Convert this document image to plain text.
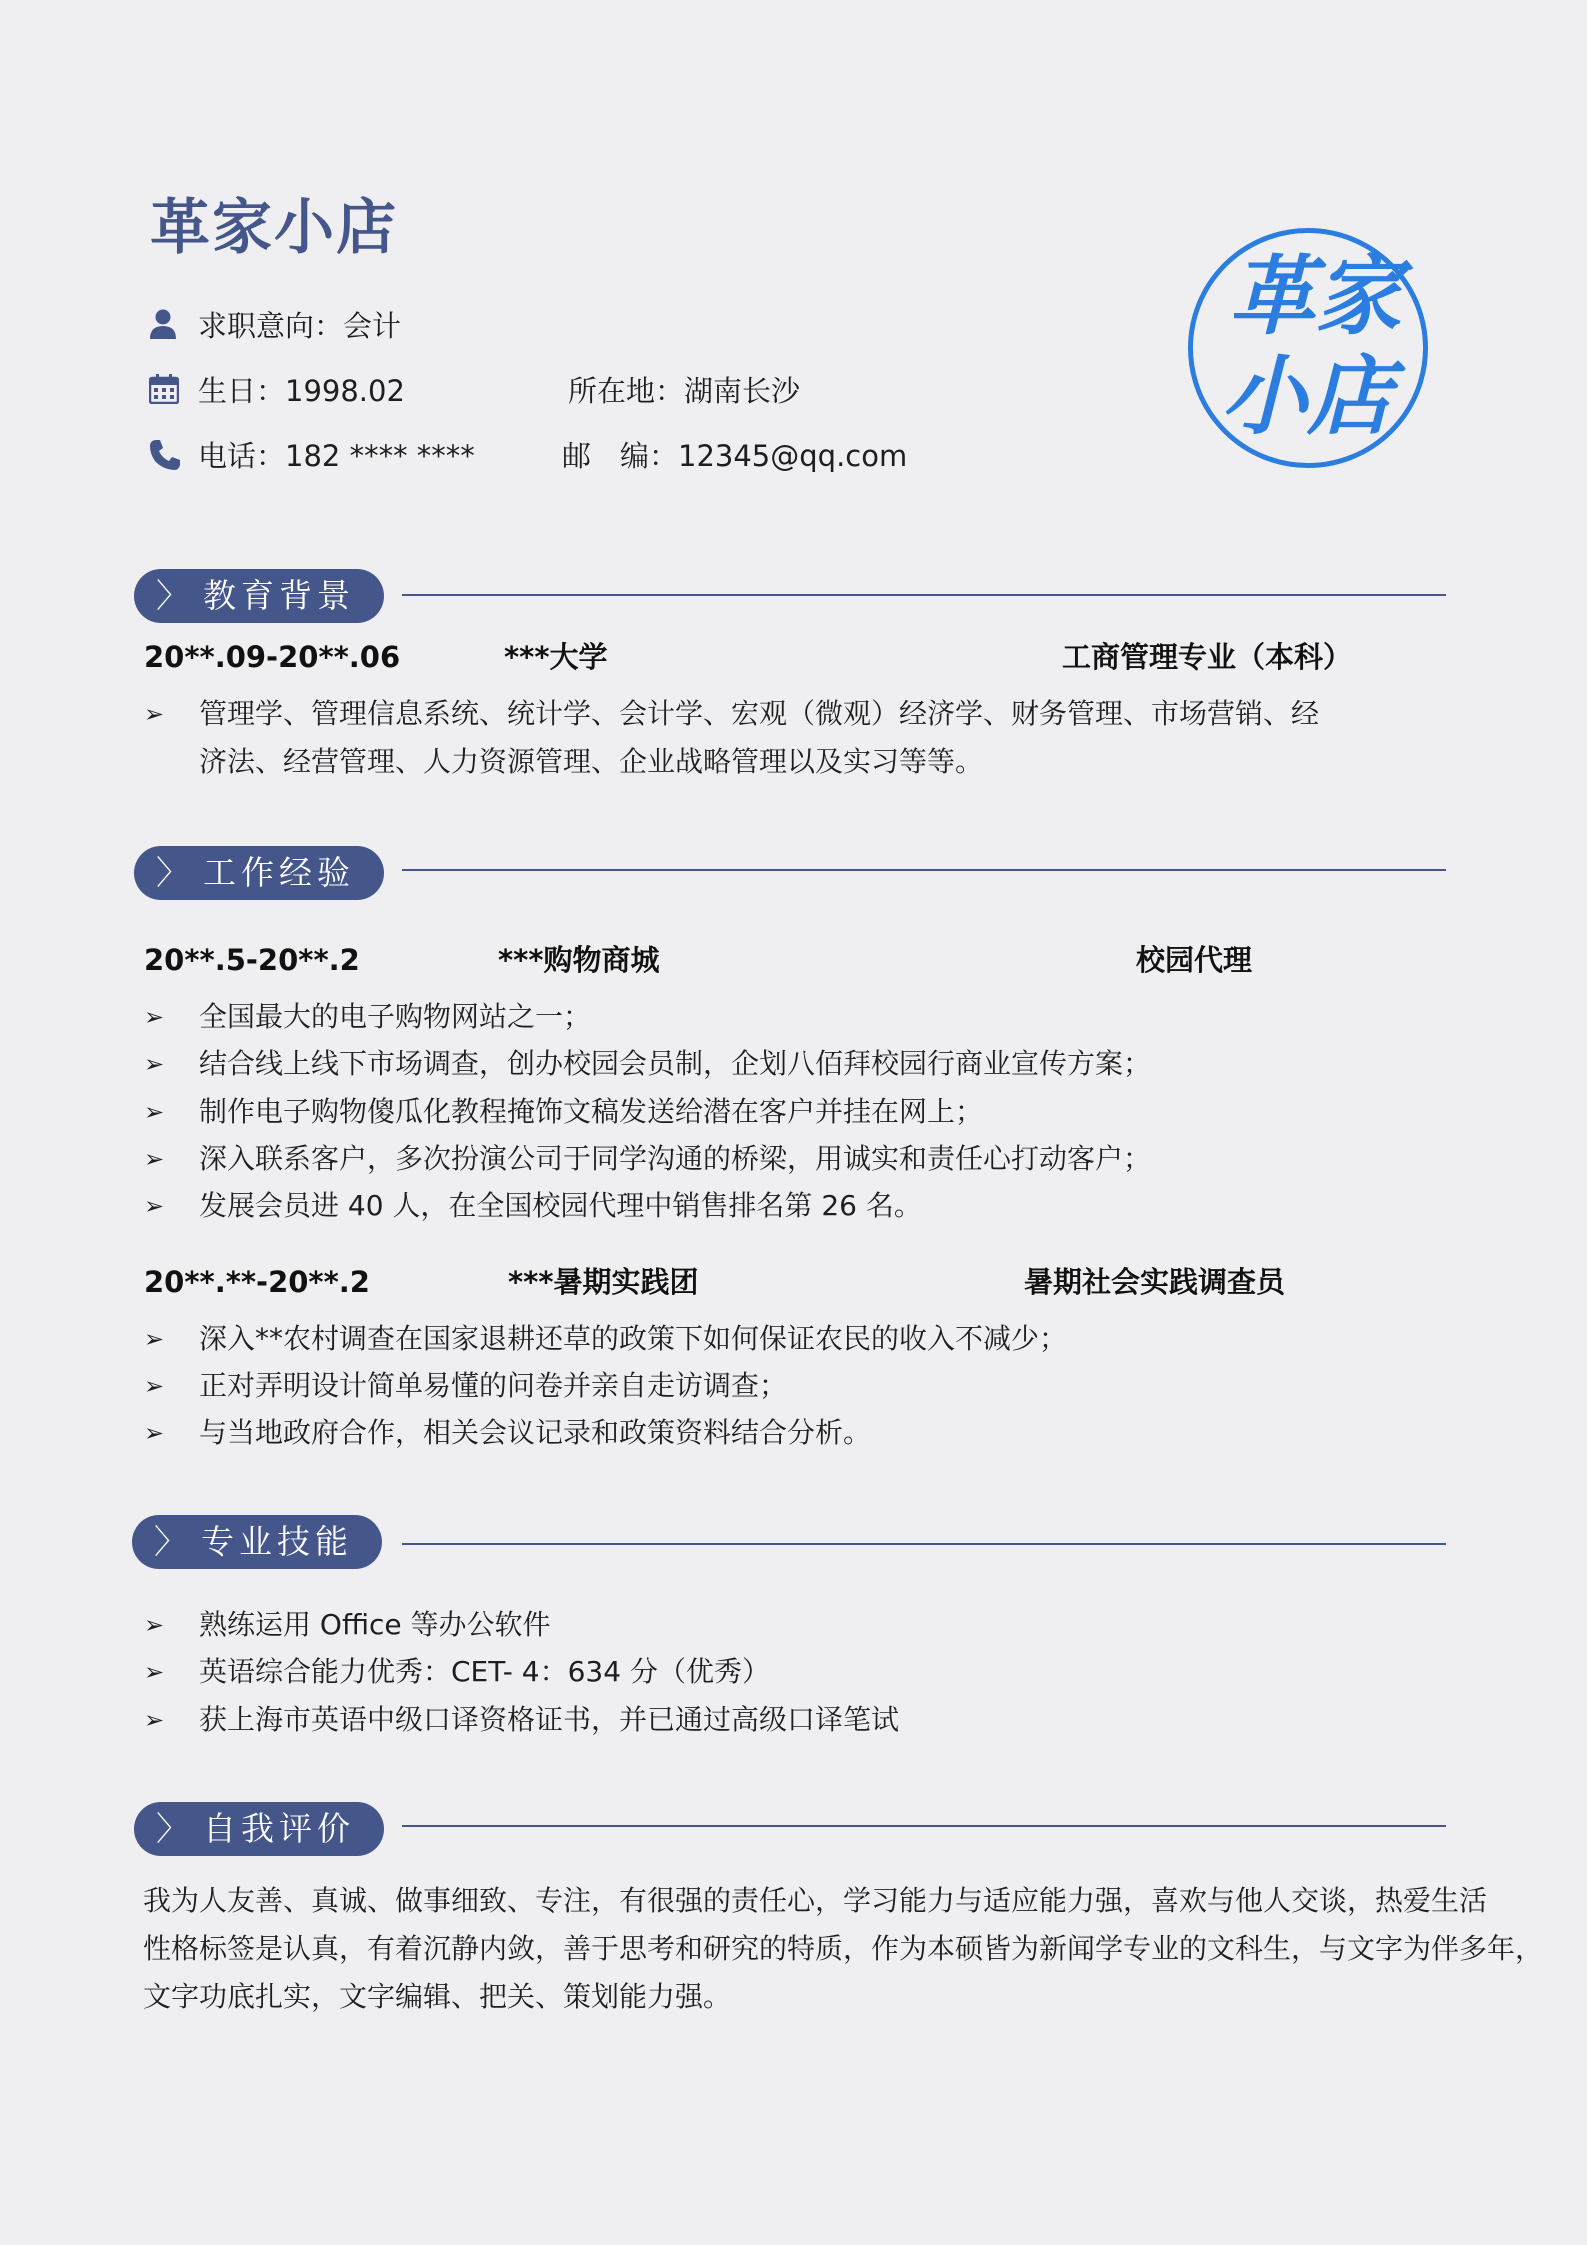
革家小店
求职意向：会计
生日：1998.02	所在地：湖南长沙
电话：182 **** ****	邮　编：12345@qq.com
革家
小店
〉 教育背景
20**.09-20**.06	***大学	工商管理专业（本科）
➢ 管理学、管理信息系统、统计学、会计学、宏观（微观）经济学、财务管理、市场营销、经
济法、经营管理、人力资源管理、企业战略管理以及实习等等。
〉 工作经验
20**.5-20**.2	***购物商城	校园代理
➢ 全国最大的电子购物网站之一；
➢ 结合线上线下市场调查，创办校园会员制，企划八佰拜校园行商业宣传方案；
➢ 制作电子购物傻瓜化教程掩饰文稿发送给潜在客户并挂在网上；
➢ 深入联系客户，多次扮演公司于同学沟通的桥梁，用诚实和责任心打动客户；
➢ 发展会员进 40 人，在全国校园代理中销售排名第 26 名。
20**.**-20**.2	***暑期实践团	暑期社会实践调查员
➢ 深入**农村调查在国家退耕还草的政策下如何保证农民的收入不减少；
➢ 正对弄明设计简单易懂的问卷并亲自走访调查；
➢ 与当地政府合作，相关会议记录和政策资料结合分析。
〉 专业技能
➢ 熟练运用 Office 等办公软件
➢ 英语综合能力优秀：CET- 4：634 分（优秀）
➢ 获上海市英语中级口译资格证书，并已通过高级口译笔试
〉 自我评价
我为人友善、真诚、做事细致、专注，有很强的责任心，学习能力与适应能力强，喜欢与他人交谈，热爱生活
性格标签是认真，有着沉静内敛，善于思考和研究的特质，作为本硕皆为新闻学专业的文科生，与文字为伴多年，
文字功底扎实，文字编辑、把关、策划能力强。
